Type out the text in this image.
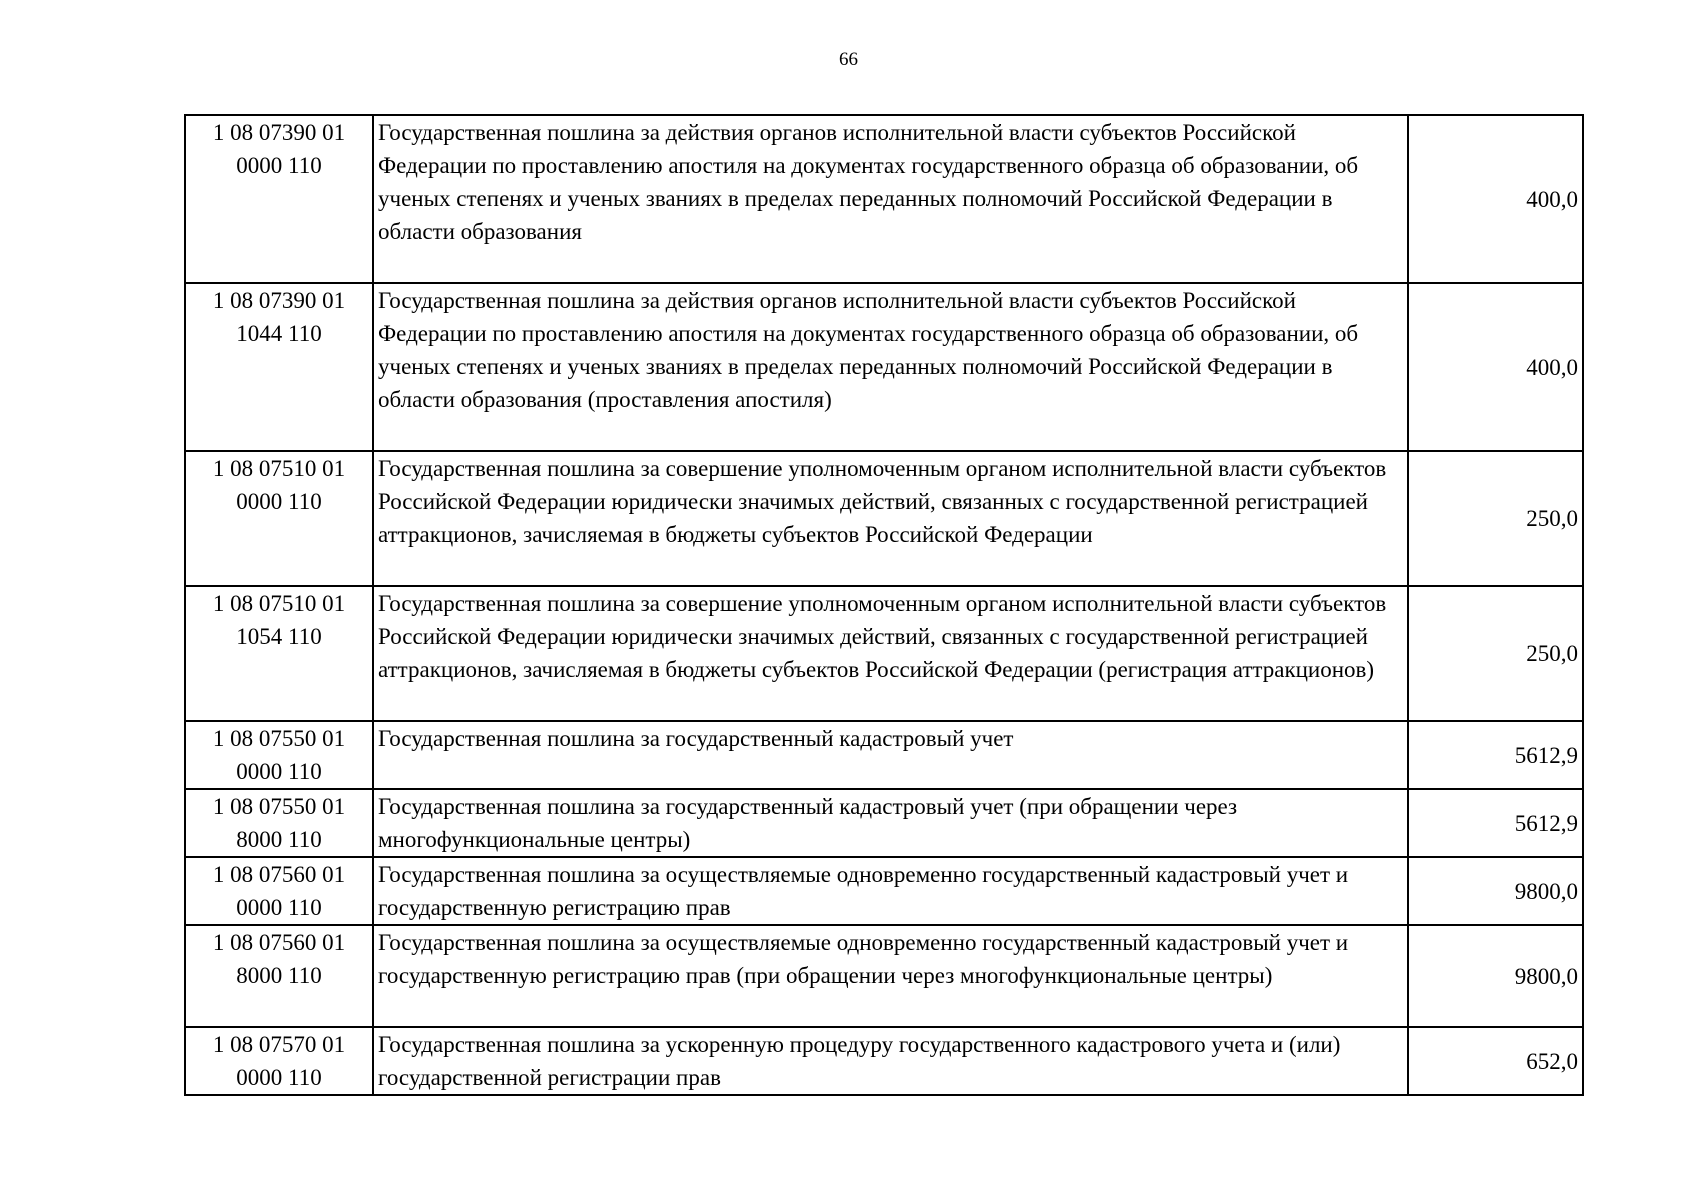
66
1 08 07390 01 0000 110	Государственная пошлина за действия органов исполнительной власти субъектов Российской Федерации по проставлению апостиля на документах государственного образца об образовании, об ученых степенях и ученых званиях в пределах переданных полномочий Российской Федерации в области образования	400,0
1 08 07390 01 1044 110	Государственная пошлина за действия органов исполнительной власти субъектов Российской Федерации по проставлению апостиля на документах государственного образца об образовании, об ученых степенях и ученых званиях в пределах переданных полномочий Российской Федерации в области образования (проставления апостиля)	400,0
1 08 07510 01 0000 110	Государственная пошлина за совершение уполномоченным органом исполнительной власти субъектов Российской Федерации юридически значимых действий, связанных с государственной регистрацией аттракционов, зачисляемая в бюджеты субъектов Российской Федерации	250,0
1 08 07510 01 1054 110	Государственная пошлина за совершение уполномоченным органом исполнительной власти субъектов Российской Федерации юридически значимых действий, связанных с государственной регистрацией аттракционов, зачисляемая в бюджеты субъектов Российской Федерации (регистрация аттракционов)	250,0
1 08 07550 01 0000 110	Государственная пошлина за государственный кадастровый учет	5612,9
1 08 07550 01 8000 110	Государственная пошлина за государственный кадастровый учет (при обращении через многофункциональные центры)	5612,9
1 08 07560 01 0000 110	Государственная пошлина за осуществляемые одновременно государственный кадастровый учет и государственную регистрацию прав	9800,0
1 08 07560 01 8000 110	Государственная пошлина за осуществляемые одновременно государственный кадастровый учет и государственную регистрацию прав (при обращении через многофункциональные центры)	9800,0
1 08 07570 01 0000 110	Государственная пошлина за ускоренную процедуру государственного кадастрового учета и (или) государственной регистрации прав	652,0
